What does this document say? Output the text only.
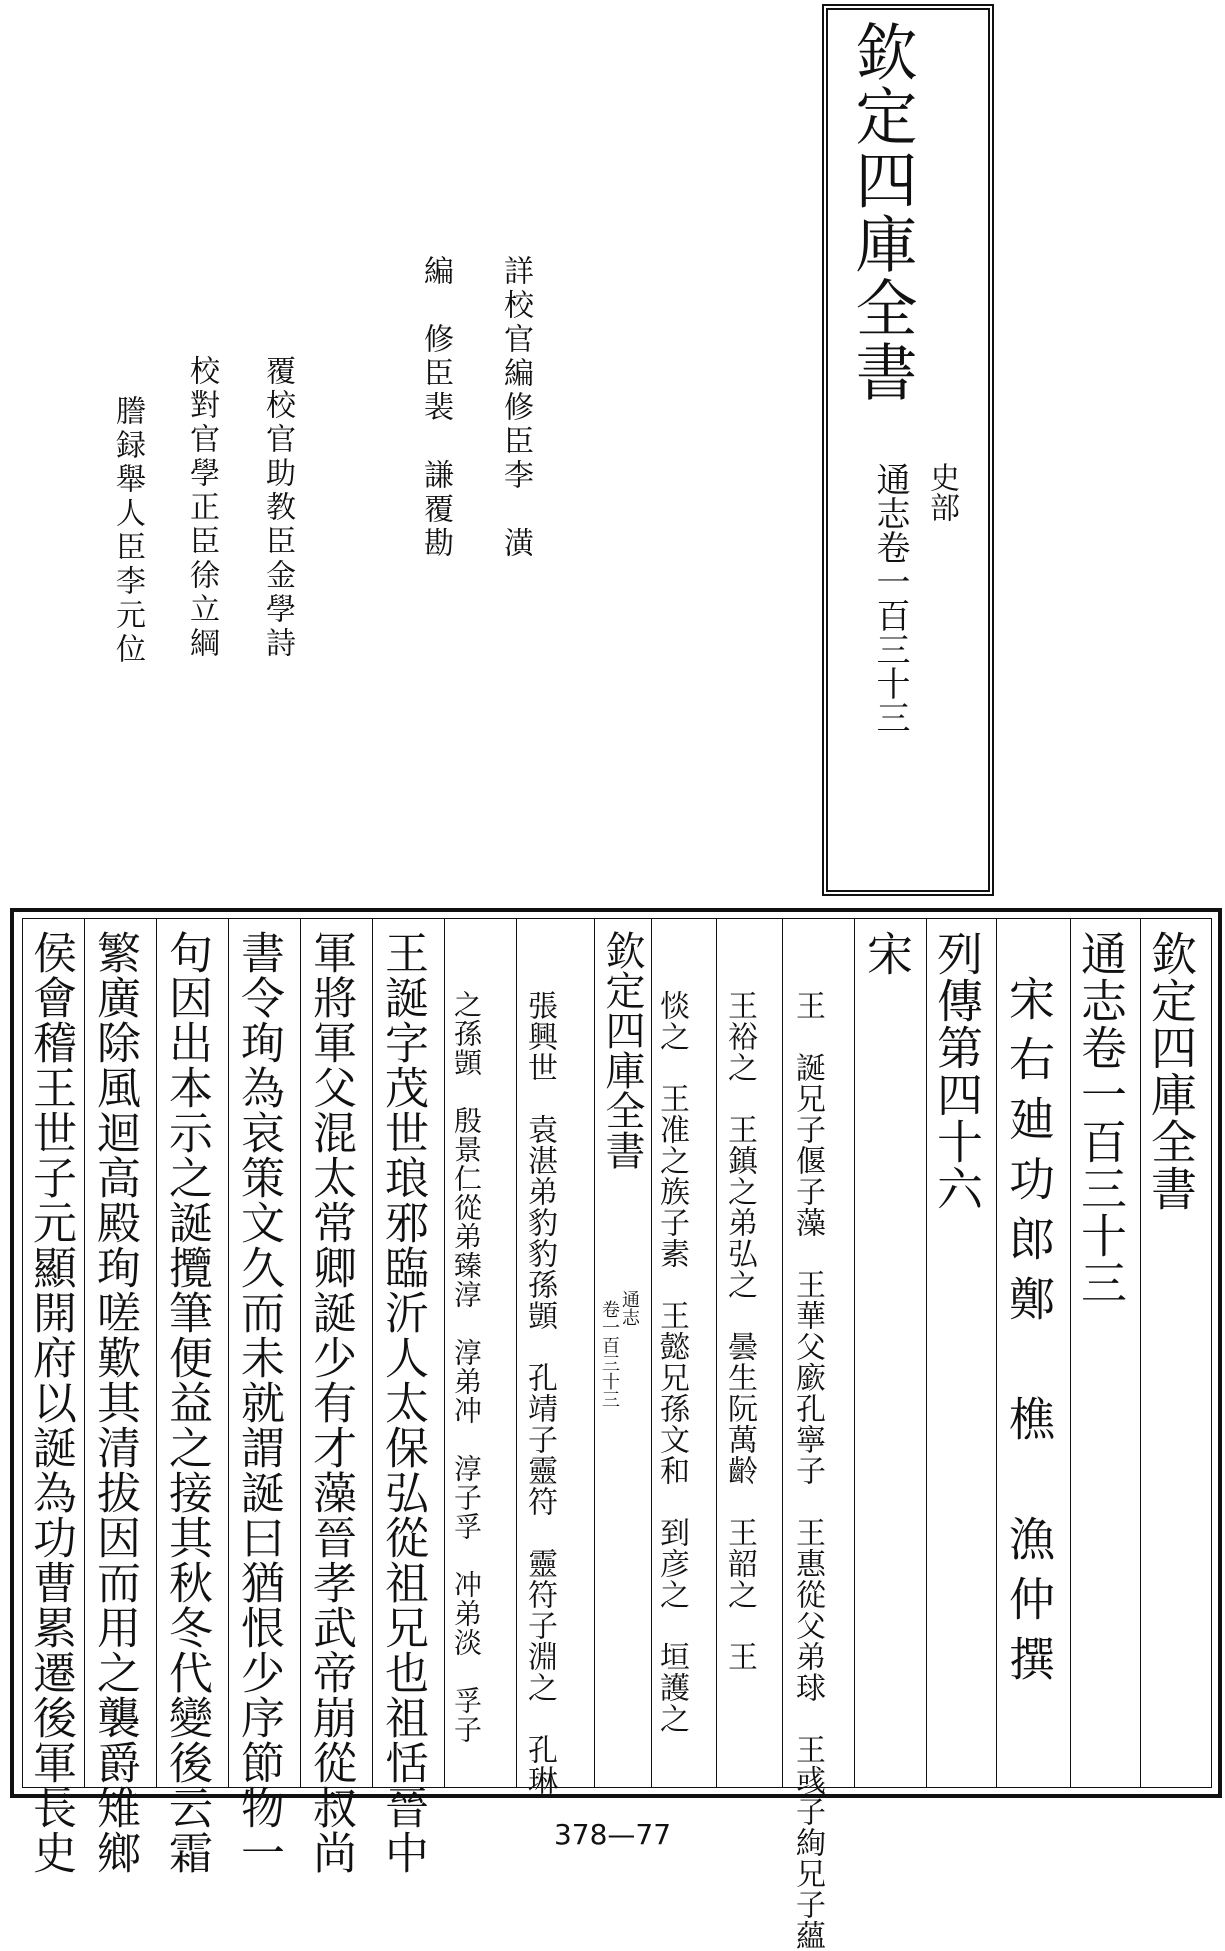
欽定四庫全書
史部
通志卷一百三十三
詳校官編修臣李　潢
編　修臣裴　謙覆勘
覆校官助教臣金學詩
校對官學正臣徐立綱
謄録舉人臣李元位
欽定四庫全書
通志卷一百三十三
宋右廸功郎鄭　樵　漁仲撰
列傳第四十六
宋
王　誕兄子偃子藻　王華父廞孔寧子　王惠從父弟球　王彧子絢兄子蘊
王裕之　王鎮之弟弘之　曇生阮萬齡　王韶之　王
惔之　王准之族子素　王懿兄孫文和　到彦之　垣護之
欽定四庫全書
通志
卷一百三十三
張興世　袁湛弟豹豹孫顗　孔靖子靈符　靈符子淵之　孔琳
之孫顗　殷景仁從弟臻淳　淳弟冲　淳子孚　冲弟淡　孚子
王誕字茂世琅邪臨沂人太保弘從祖兄也祖恬晉中
軍將軍父混太常卿誕少有才藻晉孝武帝崩從叔尚
書令珣為哀策文久而未就謂誕曰猶恨少序節物一
句因出本示之誕攬筆便益之接其秋冬代變後云霜
繁廣除風迴高殿珣嗟歎其清拔因而用之襲爵雉鄉
侯會稽王世子元顯開府以誕為功曹累遷後軍長史	378—77
